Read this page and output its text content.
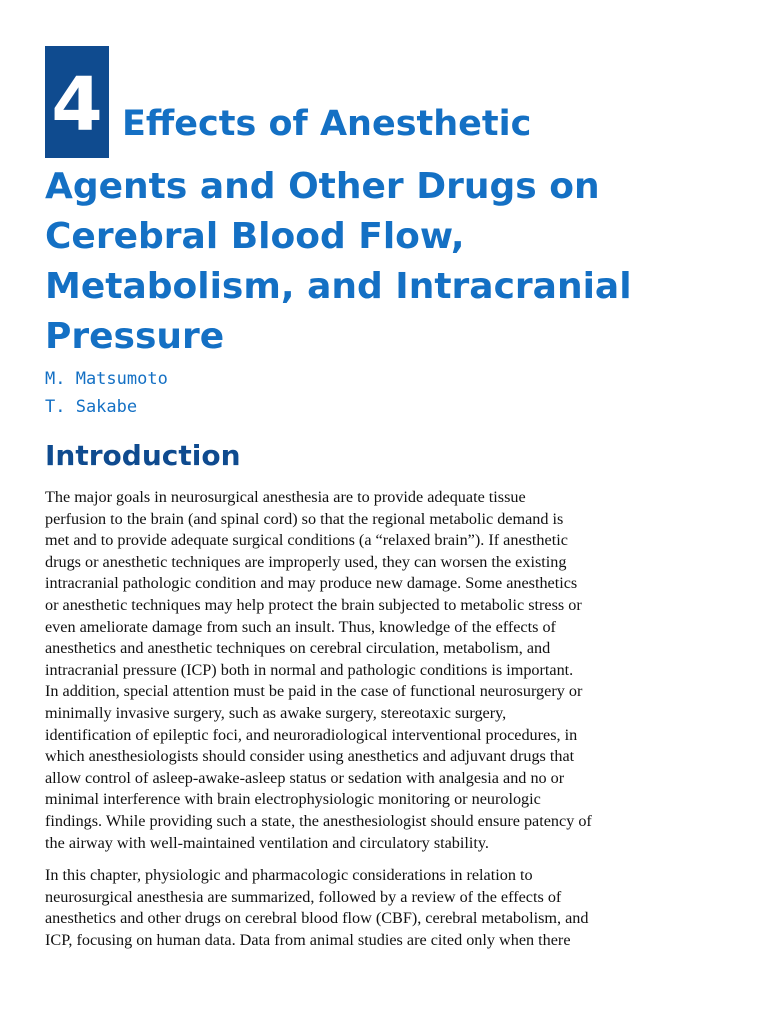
4 Effects of Anesthetic
Agents and Other Drugs on
Cerebral Blood Flow,
Metabolism, and Intracranial
Pressure
M. Matsumoto
T. Sakabe
Introduction
The major goals in neurosurgical anesthesia are to provide adequate tissue
perfusion to the brain (and spinal cord) so that the regional metabolic demand is
met and to provide adequate surgical conditions (a “relaxed brain”). If anesthetic
drugs or anesthetic techniques are improperly used, they can worsen the existing
intracranial pathologic condition and may produce new damage. Some anesthetics
or anesthetic techniques may help protect the brain subjected to metabolic stress or
even ameliorate damage from such an insult. Thus, knowledge of the effects of
anesthetics and anesthetic techniques on cerebral circulation, metabolism, and
intracranial pressure (ICP) both in normal and pathologic conditions is important.
In addition, special attention must be paid in the case of functional neurosurgery or
minimally invasive surgery, such as awake surgery, stereotaxic surgery,
identification of epileptic foci, and neuroradiological interventional procedures, in
which anesthesiologists should consider using anesthetics and adjuvant drugs that
allow control of asleep-awake-asleep status or sedation with analgesia and no or
minimal interference with brain electrophysiologic monitoring or neurologic
findings. While providing such a state, the anesthesiologist should ensure patency of
the airway with well-maintained ventilation and circulatory stability.
In this chapter, physiologic and pharmacologic considerations in relation to
neurosurgical anesthesia are summarized, followed by a review of the effects of
anesthetics and other drugs on cerebral blood flow (CBF), cerebral metabolism, and
ICP, focusing on human data. Data from animal studies are cited only when there
